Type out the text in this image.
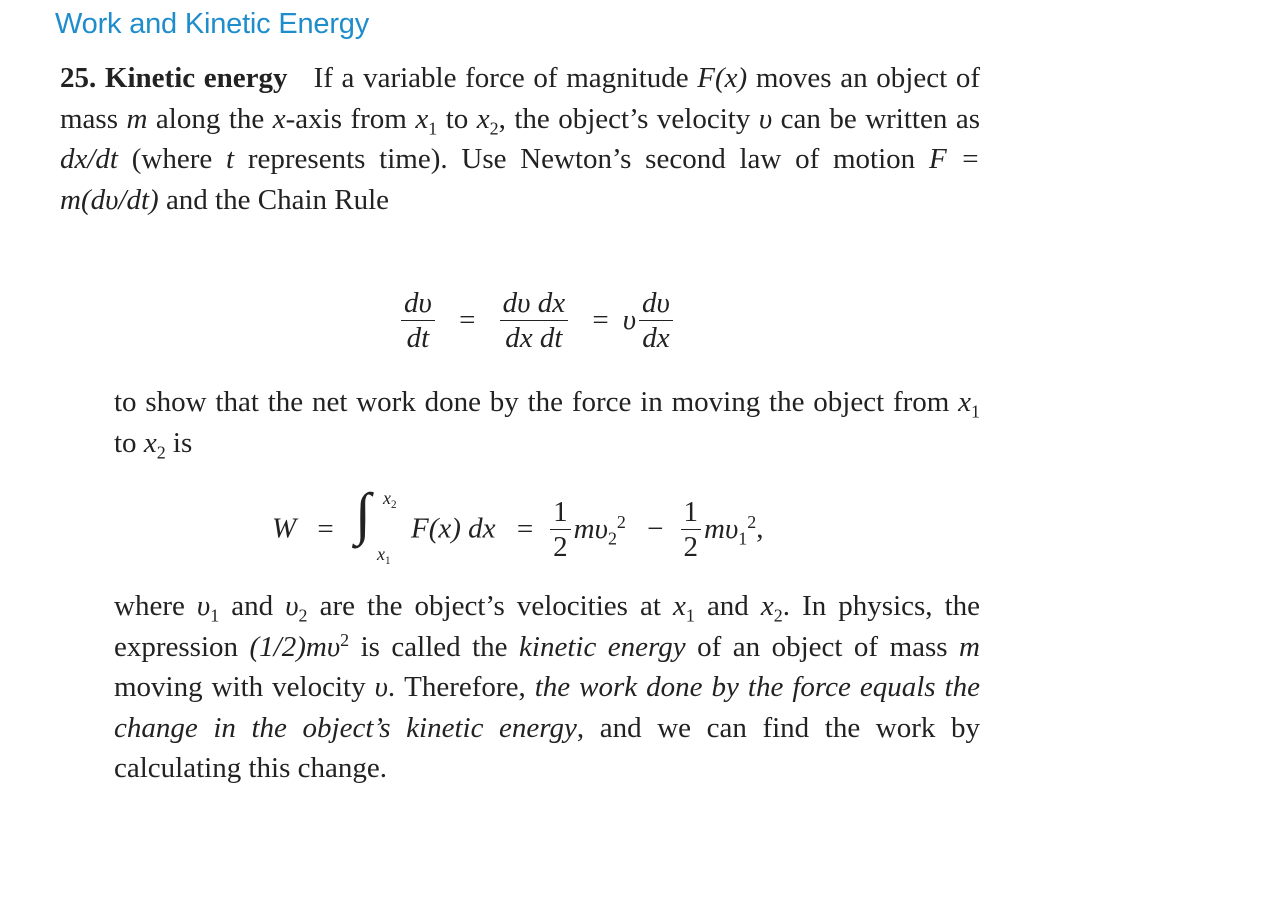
Work and Kinetic Energy
25. Kinetic energy If a variable force of magnitude F(x) moves an object of mass m along the x-axis from $x_1$ to $x_2$, the object’s velocity υ can be written as dx/dt (where t represents time). Use Newton’s second law of motion F = m(dυ/dt) and the Chain Rule
$\frac{d\upsilon}{dt} = \frac{\text{dυ dx}}{\text{dx dt}} = \upsilon \frac{d\upsilon}{dx}$
to show that the net work done by the force in moving the object from $x_1$ to $x_2$ is
W = ∫ $x_2$
$x_1$
F(x) dx = $\frac{1}{2} m\upsilon_2^2 - \frac{1}{2} m\upsilon_1^2$,
where $\upsilon_1$ and $\upsilon_2$ are the object’s velocities at $x_1$ and $x_2$. In physics, the expression $(1/2)m\upsilon^2$ is called the kinetic energy of an object of mass m moving with velocity υ. Therefore, the work done by the force equals the change in the object’s kinetic energy, and we can find the work by calculating this change.
